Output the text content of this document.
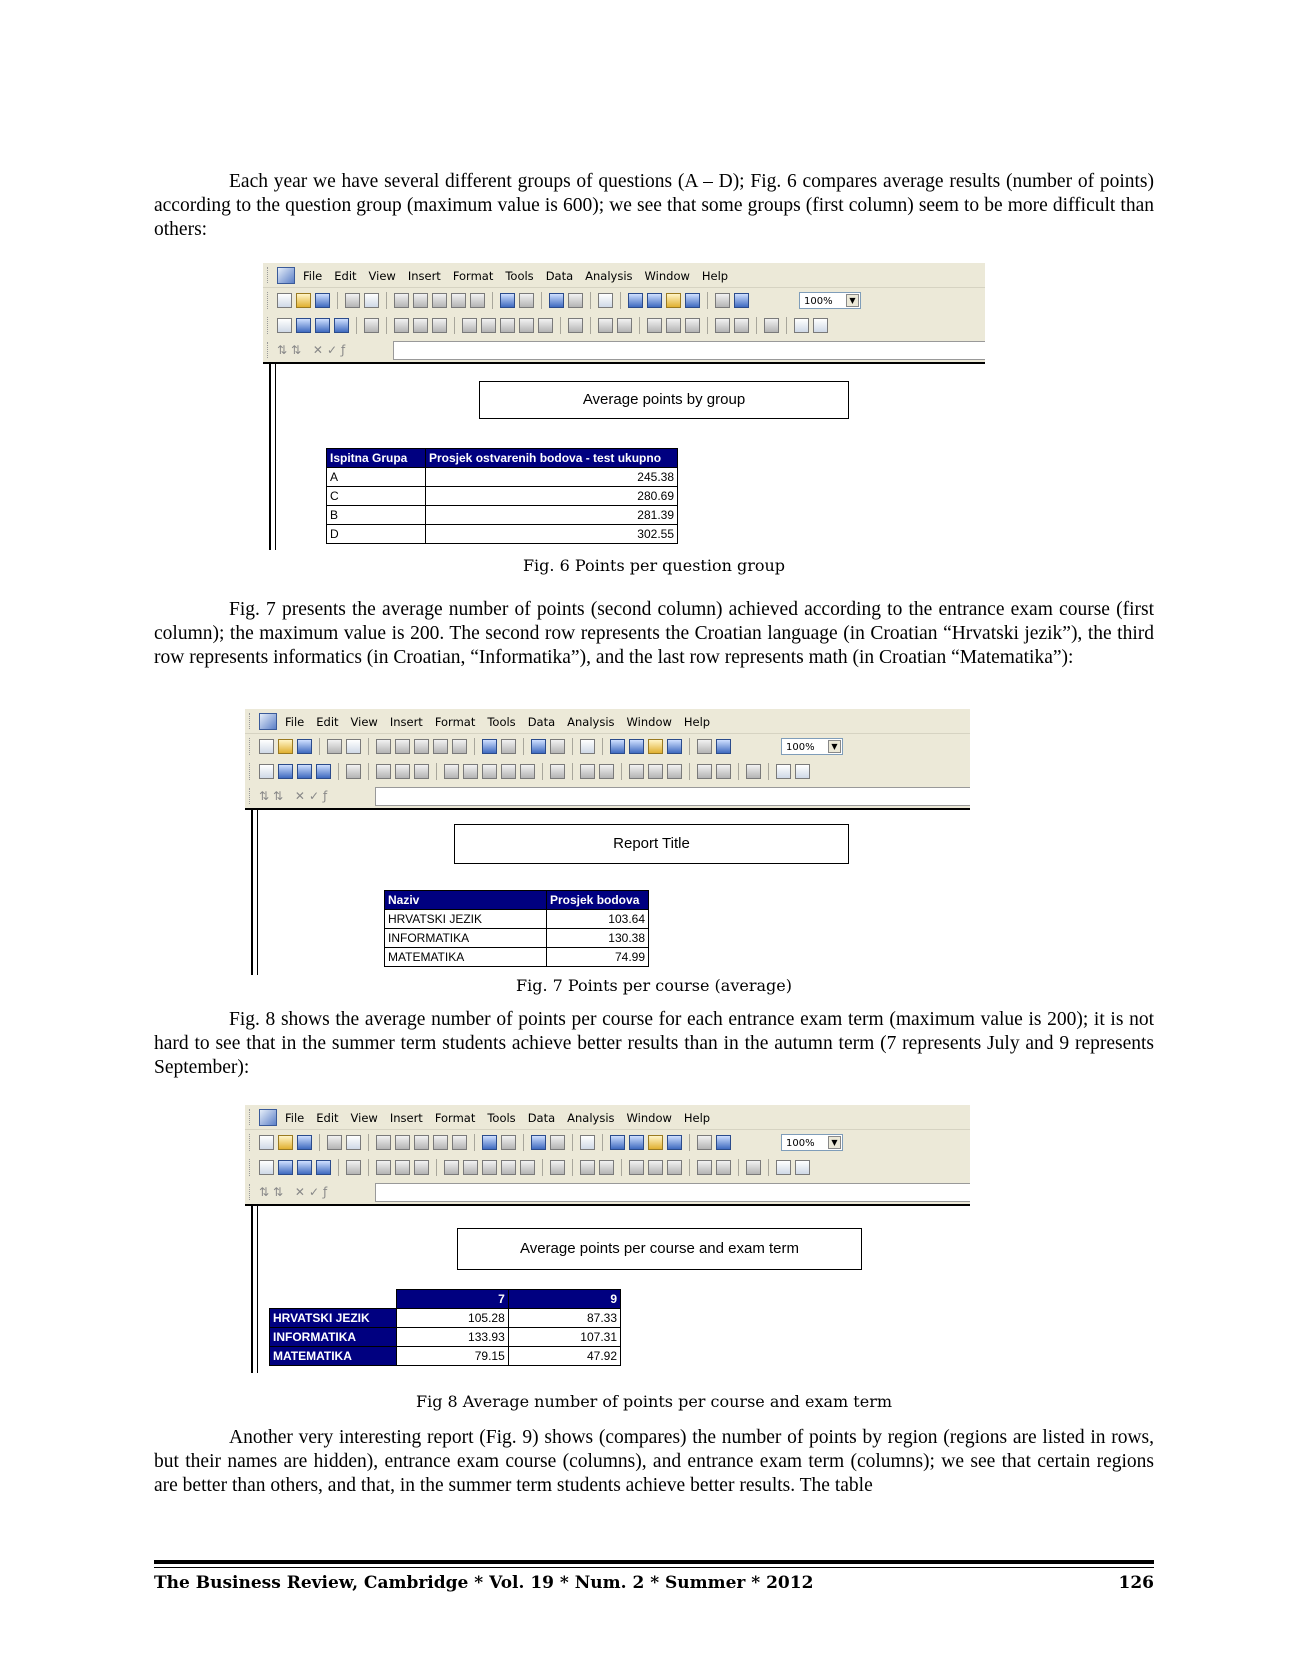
Each year we have several different groups of questions (A – D); Fig. 6 compares average results (number of points) according to the question group (maximum value is 600); we see that some groups (first column) seem to be more difficult than others:

File Edit View Insert Format Tools Data Analysis Window Help
100%	▼
⇅⇅ ✕✓ƒ
Average points by group
Ispitna Grupa	Prosjek ostvarenih bodova - test ukupno
A	245.38
C	280.69
B	281.39
D	302.55
Fig. 6 Points per question group

Fig. 7 presents the average number of points (second column) achieved according to the entrance exam course (first column); the maximum value is 200. The second row represents the Croatian language (in Croatian “Hrvatski jezik”), the third row represents informatics (in Croatian, “Informatika”), and the last row represents math (in Croatian “Matematika”):

File Edit View Insert Format Tools Data Analysis Window Help
100%	▼
⇅⇅ ✕✓ƒ
Report Title
Naziv	Prosjek bodova
HRVATSKI JEZIK	103.64
INFORMATIKA	130.38
MATEMATIKA	74.99
Fig. 7 Points per course (average)

Fig. 8 shows the average number of points per course for each entrance exam term (maximum value is 200); it is not hard to see that in the summer term students achieve better results than in the autumn term (7 represents July and 9 represents September):

File Edit View Insert Format Tools Data Analysis Window Help
100%	▼
⇅⇅ ✕✓ƒ
Average points per course and exam term
	7	9
HRVATSKI JEZIK	105.28	87.33
INFORMATIKA	133.93	107.31
MATEMATIKA	79.15	47.92
Fig 8 Average number of points per course and exam term

Another very interesting report (Fig. 9) shows (compares) the number of points by region (regions are listed in rows, but their names are hidden), entrance exam course (columns), and entrance exam term (columns); we see that certain regions are better than others, and that, in the summer term students achieve better results. The table

The Business Review, Cambridge * Vol. 19 * Num. 2 * Summer * 2012	126
